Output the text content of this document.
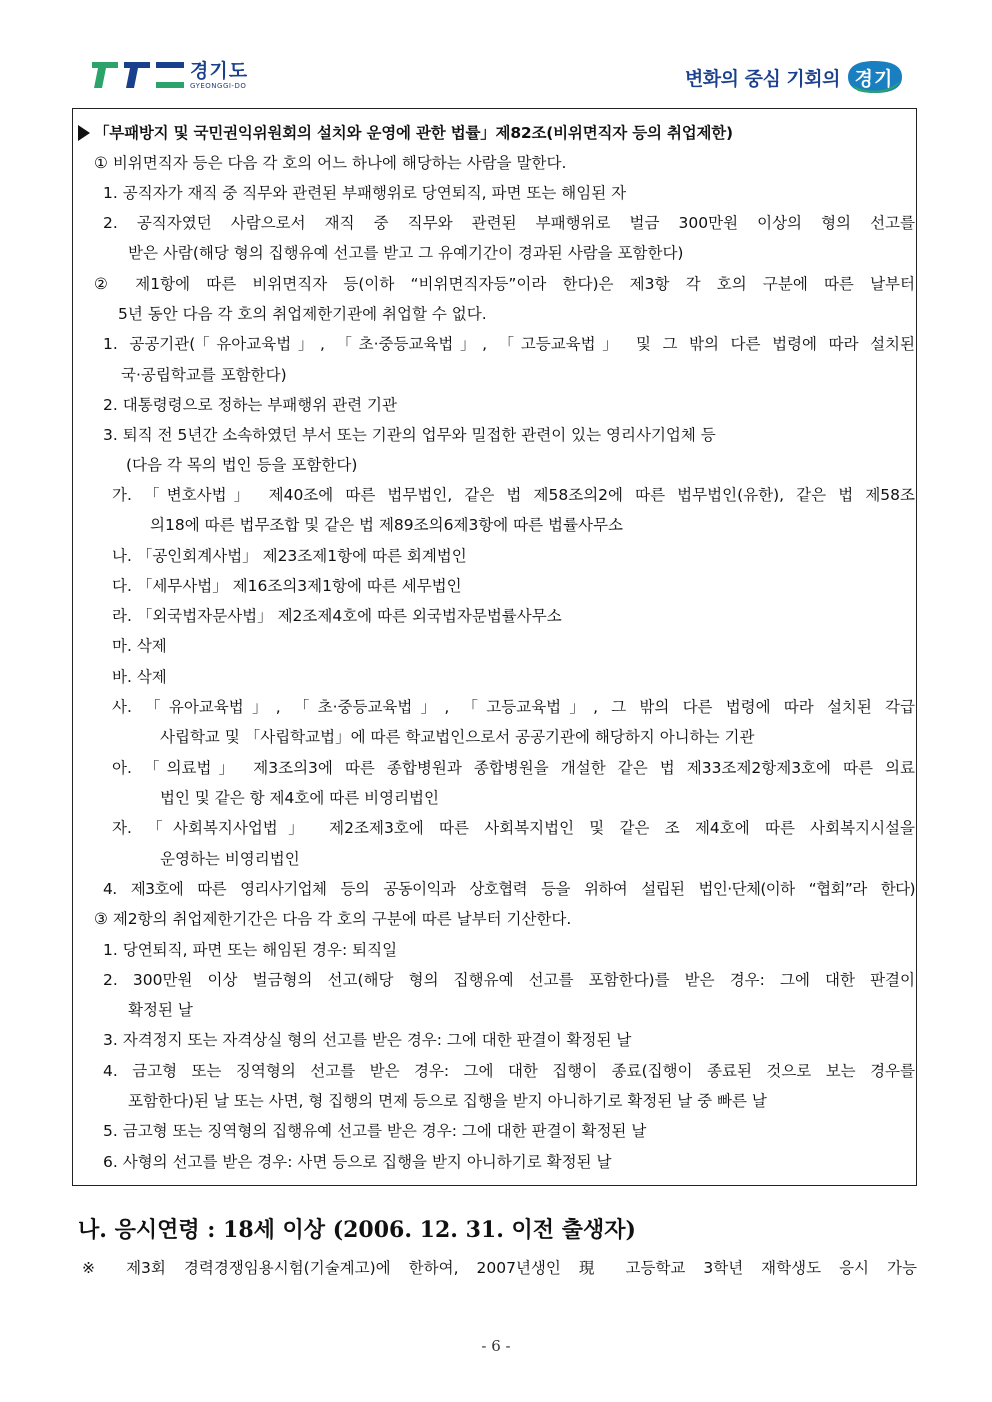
경기도
GYEONGGI-DO	변화의 중심 기회의 경기
「부패방지 및 국민권익위원회의 설치와 운영에 관한 법률」제82조(비위면직자 등의 취업제한)
① 비위면직자 등은 다음 각 호의 어느 하나에 해당하는 사람을 말한다.
1. 공직자가 재직 중 직무와 관련된 부패행위로 당연퇴직, 파면 또는 해임된 자
2. 공직자였던 사람으로서 재직 중 직무와 관련된 부패행위로 벌금 300만원 이상의 형의 선고를
받은 사람(해당 형의 집행유예 선고를 받고 그 유예기간이 경과된 사람을 포함한다)
② 제1항에 따른 비위면직자 등(이하 “비위면직자등”이라 한다)은 제3항 각 호의 구분에 따른 날부터
5년 동안 다음 각 호의 취업제한기관에 취업할 수 없다.
1. 공공기관(「유아교육법」, 「초·중등교육법」, 「고등교육법」 및 그 밖의 다른 법령에 따라 설치된
국·공립학교를 포함한다)
2. 대통령령으로 정하는 부패행위 관련 기관
3. 퇴직 전 5년간 소속하였던 부서 또는 기관의 업무와 밀접한 관련이 있는 영리사기업체 등
(다음 각 목의 법인 등을 포함한다)
가. 「변호사법」 제40조에 따른 법무법인, 같은 법 제58조의2에 따른 법무법인(유한), 같은 법 제58조
의18에 따른 법무조합 및 같은 법 제89조의6제3항에 따른 법률사무소
나. 「공인회계사법」 제23조제1항에 따른 회계법인
다. 「세무사법」 제16조의3제1항에 따른 세무법인
라. 「외국법자문사법」 제2조제4호에 따른 외국법자문법률사무소
마. 삭제
바. 삭제
사. 「유아교육법」, 「초·중등교육법」, 「고등교육법」, 그 밖의 다른 법령에 따라 설치된 각급
사립학교 및 「사립학교법」에 따른 학교법인으로서 공공기관에 해당하지 아니하는 기관
아. 「의료법」 제3조의3에 따른 종합병원과 종합병원을 개설한 같은 법 제33조제2항제3호에 따른 의료
법인 및 같은 항 제4호에 따른 비영리법인
자. 「사회복지사업법」 제2조제3호에 따른 사회복지법인 및 같은 조 제4호에 따른 사회복지시설을
운영하는 비영리법인
4. 제3호에 따른 영리사기업체 등의 공동이익과 상호협력 등을 위하여 설립된 법인·단체(이하 “협회”라 한다)
③ 제2항의 취업제한기간은 다음 각 호의 구분에 따른 날부터 기산한다.
1. 당연퇴직, 파면 또는 해임된 경우: 퇴직일
2. 300만원 이상 벌금형의 선고(해당 형의 집행유예 선고를 포함한다)를 받은 경우: 그에 대한 판결이
확정된 날
3. 자격정지 또는 자격상실 형의 선고를 받은 경우: 그에 대한 판결이 확정된 날
4. 금고형 또는 징역형의 선고를 받은 경우: 그에 대한 집행이 종료(집행이 종료된 것으로 보는 경우를
포함한다)된 날 또는 사면, 형 집행의 면제 등으로 집행을 받지 아니하기로 확정된 날 중 빠른 날
5. 금고형 또는 징역형의 집행유예 선고를 받은 경우: 그에 대한 판결이 확정된 날
6. 사형의 선고를 받은 경우: 사면 등으로 집행을 받지 아니하기로 확정된 날
나. 응시연령 : 18세 이상 (2006. 12. 31. 이전 출생자)
※ 제3회 경력경쟁임용시험(기술계고)에 한하여, 2007년생인 現 고등학교 3학년 재학생도 응시 가능
- 6 -
